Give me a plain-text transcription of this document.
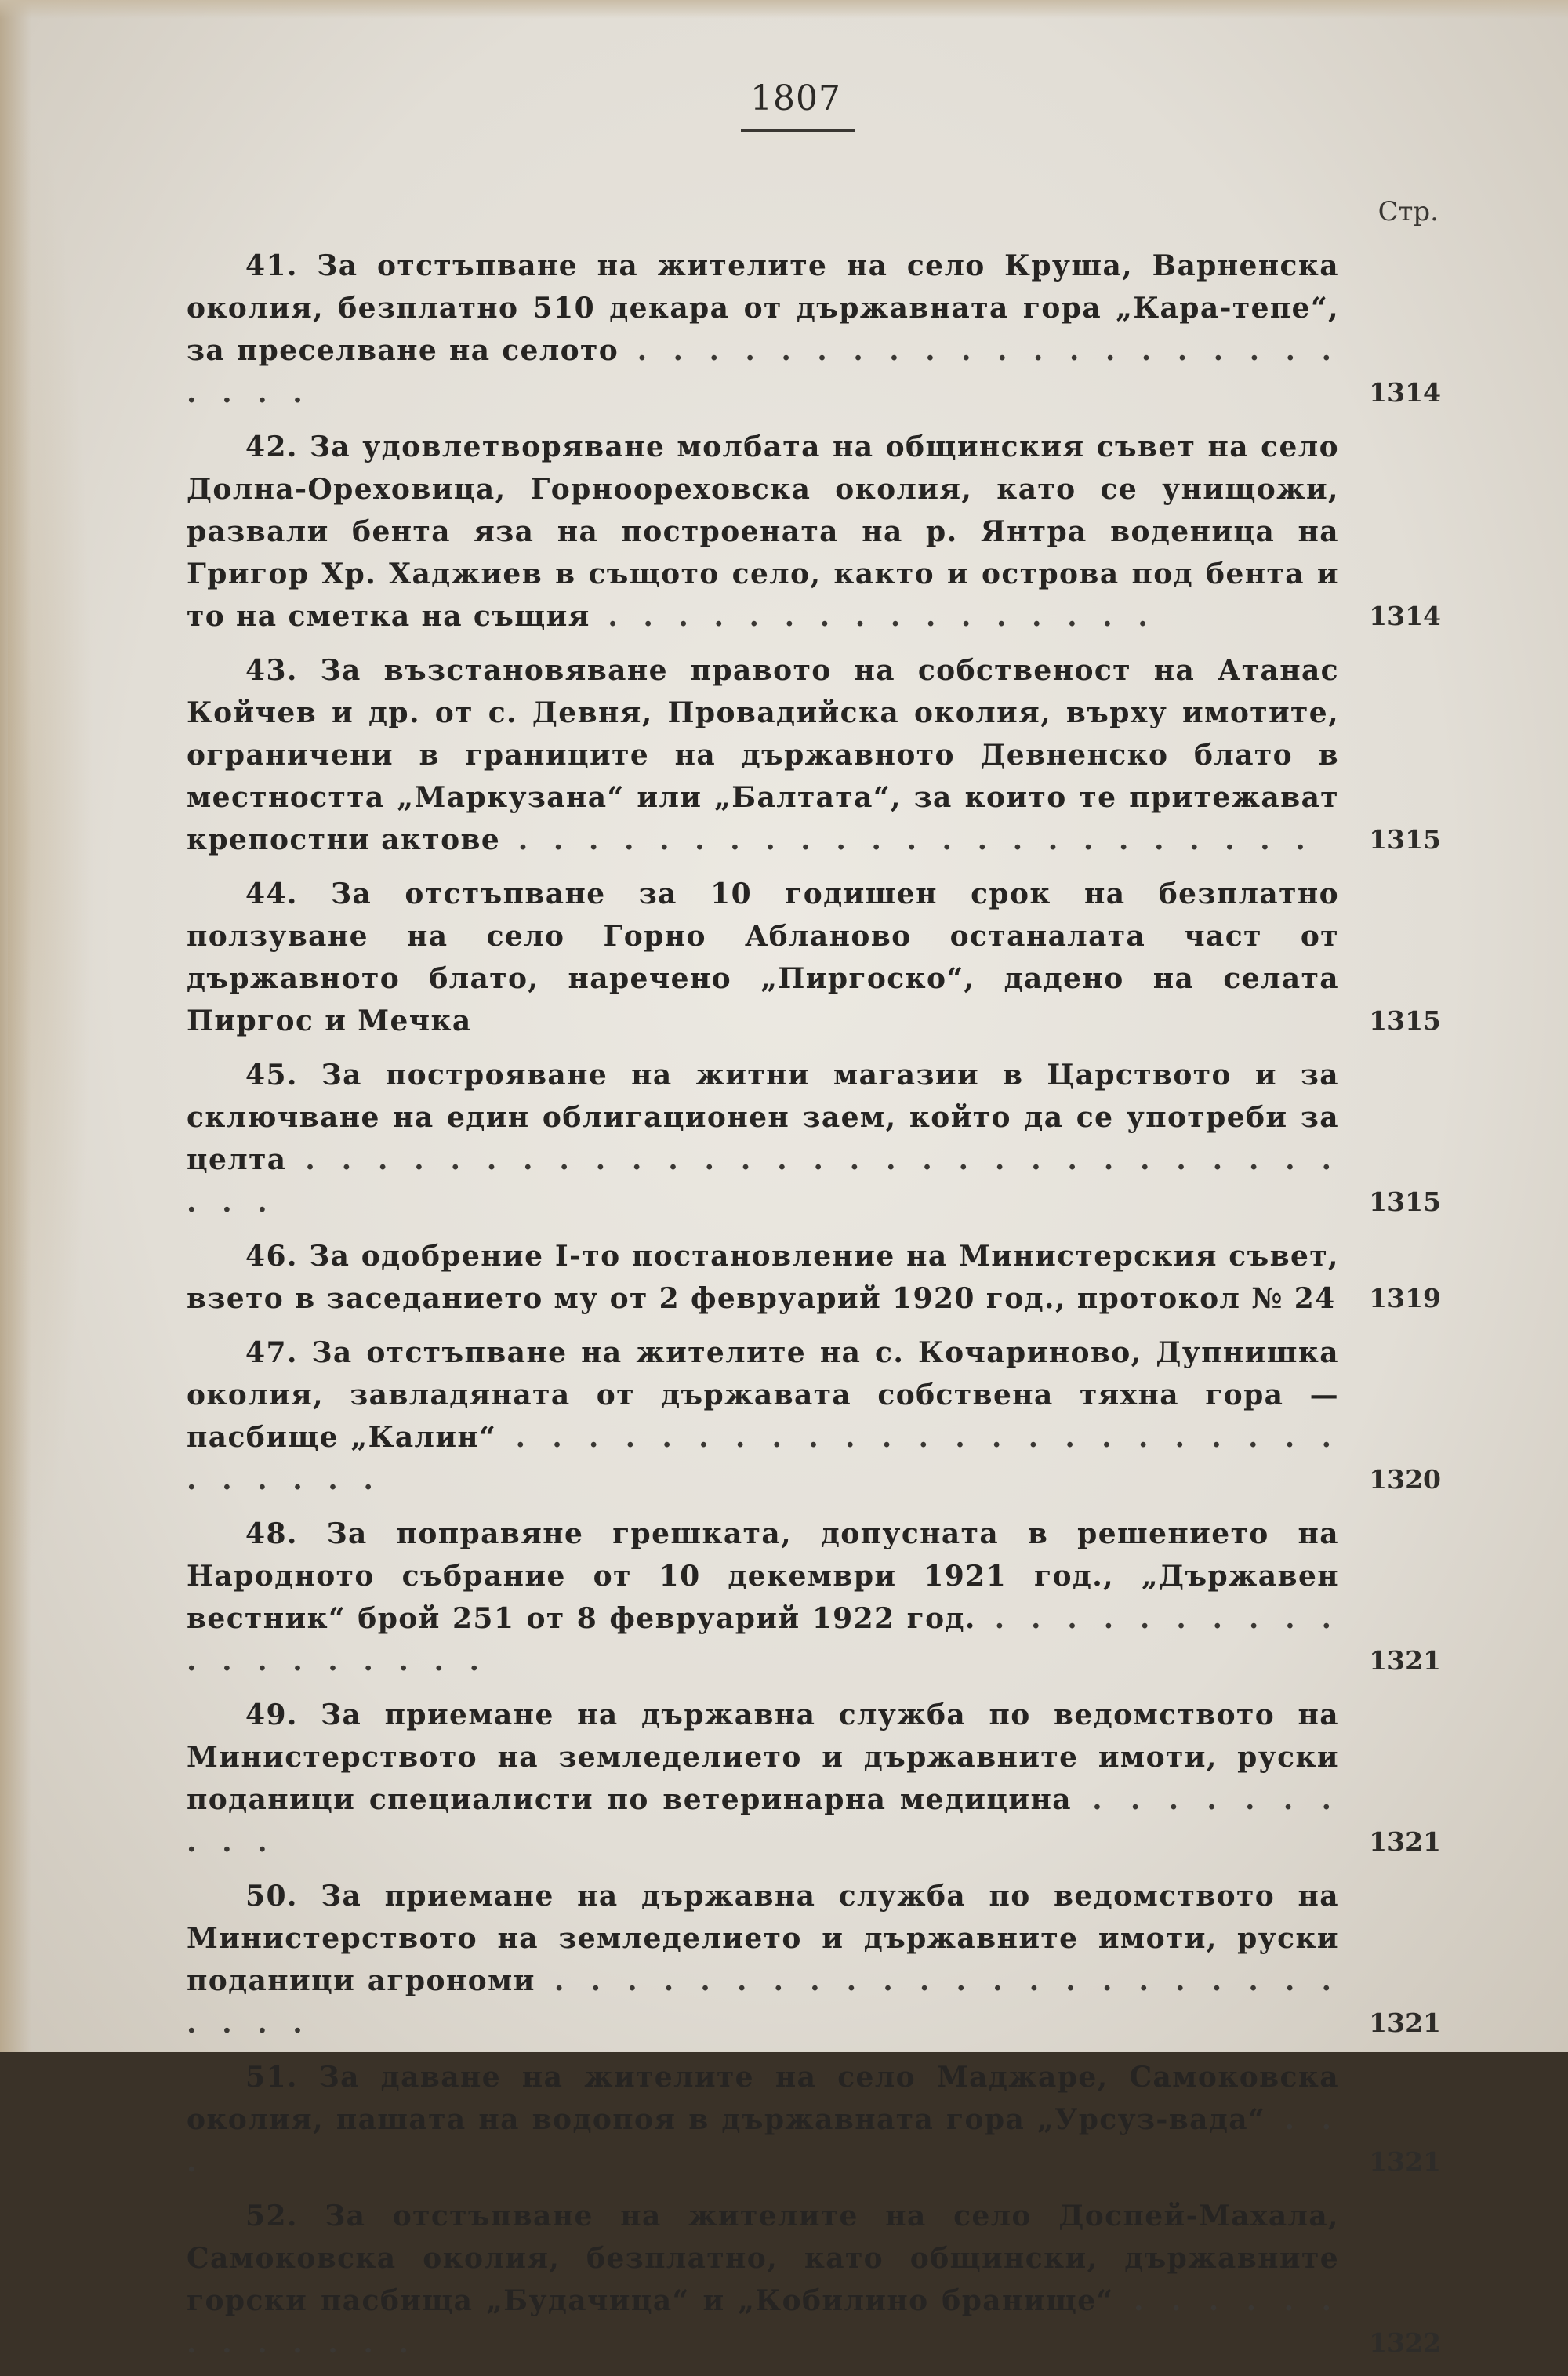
1807
Стр.
41. За отстъпване на жителите на село Круша, Варненска околия, безплатно 510 декара от държавната гора „Кара-тепе“, за преселване на селото . . . . . . . . . . . . . . . . . . . . . . . .	1314
42. За удовлетворяване молбата на общинския съвет на село Долна-Ореховица, Горноореховска околия, като се унищожи, развали бента яза на построената на р. Янтра воденица на Григор Хр. Хаджиев в същото село, както и острова под бента и то на сметка на същия . . . . . . . . . . . . . . . .	1314
43. За възстановяване правото на собственост на Атанас Койчев и др. от с. Девня, Провадийска околия, върху имотите, ограничени в границите на държавното Девненско блато в местността „Маркузана“ или „Балтата“, за които те притежават крепостни актове . . . . . . . . . . . . . . . . . . . . . . .	1315
44. За отстъпване за 10 годишен срок на безплатно ползуване на село Горно Абланово останалата част от държавното блато, наречено „Пиргоско“, дадено на селата Пиргос и Мечка	1315
45. За построяване на житни магазии в Царството и за сключване на един облигационен заем, който да се употреби за целта . . . . . . . . . . . . . . . . . . . . . . . . . . . . . . . .	1315
46. За одобрение I-то постановление на Министерския съвет, взето в заседанието му от 2 февруарий 1920 год., протокол № 24	1319
47. За отстъпване на жителите на с. Кочариново, Дупнишка околия, завладяната от държавата собствена тяхна гора — пасбище „Калин“ . . . . . . . . . . . . . . . . . . . . . . . . . . . . .	1320
48. За поправяне грешката, допусната в решението на Народното събрание от 10 декември 1921 год., „Държавен вестник“ брой 251 от 8 февруарий 1922 год. . . . . . . . . . . . . . . . . . . .	1321
49. За приемане на държавна служба по ведомството на Министерството на земледелието и държавните имоти, руски поданици специалисти по ветеринарна медицина . . . . . . . . . .	1321
50. За приемане на държавна служба по ведомството на Министерството на земледелието и държавните имоти, руски поданици агрономи . . . . . . . . . . . . . . . . . . . . . . . . . .	1321
51. За даване на жителите на село Маджаре, Самоковска околия, пашата на водопоя в държавната гора „Урсуз-вада“ . . .	1321
52. За отстъпване на жителите на село Доспей-Махала, Самоковска околия, безплатно, като общински, държавните горски пасбища „Будачица“ и „Кобилино бранище“ . . . . . . . . . . . . .	1322
